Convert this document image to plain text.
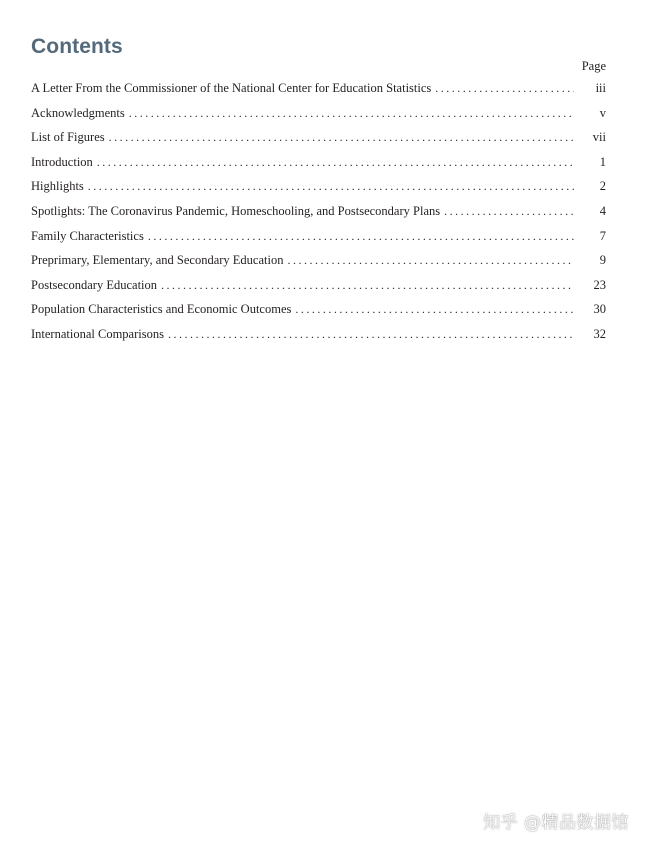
Contents
Page
A Letter From the Commissioner of the National Center for Education Statistics . . .	iii
Acknowledgments . . .	v
List of Figures . . .	vii
Introduction . . .	1
Highlights . . .	2
Spotlights: The Coronavirus Pandemic, Homeschooling, and Postsecondary Plans . . .	4
Family Characteristics . . .	7
Preprimary, Elementary, and Secondary Education . . .	9
Postsecondary Education . . .	23
Population Characteristics and Economic Outcomes . . .	30
International Comparisons . . .	32
知乎 @精品数据馆
